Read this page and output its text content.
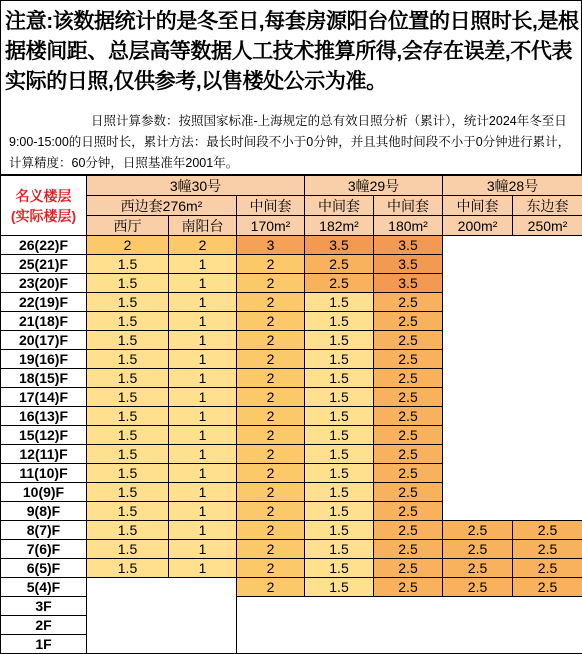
注意:该数据统计的是冬至日,每套房源阳台位置的日照时长,是根据楼间距、总层高等数据人工技术推算所得,会存在误差,不代表实际的日照,仅供参考,以售楼处公示为准。
日照计算参数：按照国家标准-上海规定的总有效日照分析（累计），统计2024年冬至日9:00-15:00的日照时长，累计方法：最长时间段不小于0分钟，并且其他时间段不小于0分钟进行累计，计算精度：60分钟，日照基准年2001年。
名义楼层
(实际楼层)	3幢30号			3幢29号		3幢28号	
	西边套276m²		中间套	中间套	中间套	中间套	东边套
	西厅	南阳台	170m²	182m²	180m²	200m²	250m²
26(22)F	2	2	3	3.5	3.5		
25(21)F	1.5	1	2	2.5	3.5		
23(20)F	1.5	1	2	2.5	3.5		
22(19)F	1.5	1	2	1.5	2.5		
21(18)F	1.5	1	2	1.5	2.5		
20(17)F	1.5	1	2	1.5	2.5		
19(16)F	1.5	1	2	1.5	2.5		
18(15)F	1.5	1	2	1.5	2.5		
17(14)F	1.5	1	2	1.5	2.5		
16(13)F	1.5	1	2	1.5	2.5		
15(12)F	1.5	1	2	1.5	2.5		
12(11)F	1.5	1	2	1.5	2.5		
11(10)F	1.5	1	2	1.5	2.5		
10(9)F	1.5	1	2	1.5	2.5		
9(8)F	1.5	1	2	1.5	2.5		
8(7)F	1.5	1	2	1.5	2.5	2.5	2.5
7(6)F	1.5	1	2	1.5	2.5	2.5	2.5
6(5)F	1.5	1	2	1.5	2.5	2.5	2.5
5(4)F			2	1.5	2.5	2.5	2.5
3F							
2F							
1F							
